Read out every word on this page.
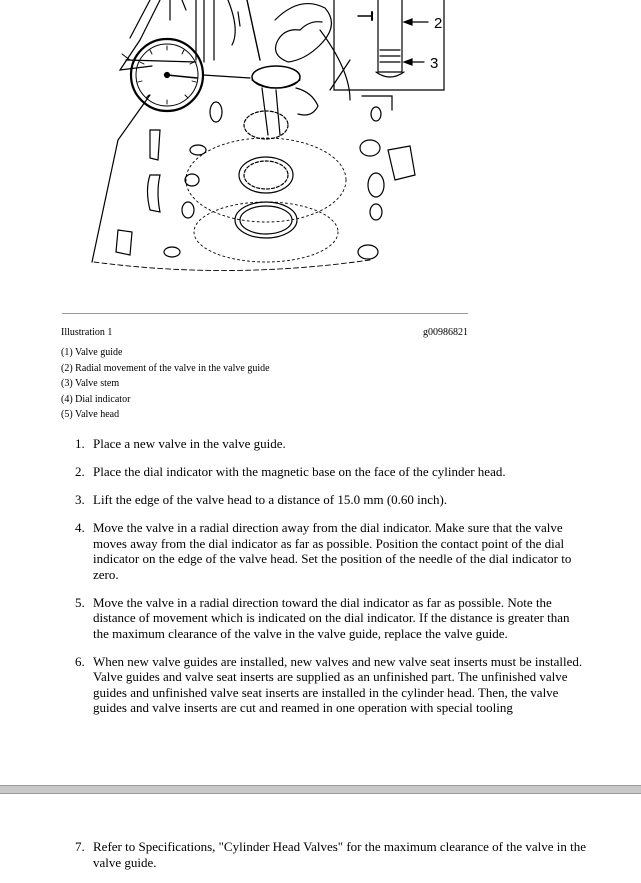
2
3
Illustration 1	g00986821
(1) Valve guide
(2) Radial movement of the valve in the valve guide
(3) Valve stem
(4) Dial indicator
(5) Valve head
1. Place a new valve in the valve guide.
2. Place the dial indicator with the magnetic base on the face of the cylinder head.
3. Lift the edge of the valve head to a distance of 15.0 mm (0.60 inch).
4. Move the valve in a radial direction away from the dial indicator. Make sure that the valve moves away from the dial indicator as far as possible. Position the contact point of the dial indicator on the edge of the valve head. Set the position of the needle of the dial indicator to zero.
5. Move the valve in a radial direction toward the dial indicator as far as possible. Note the distance of movement which is indicated on the dial indicator. If the distance is greater than the maximum clearance of the valve in the valve guide, replace the valve guide.
6. When new valve guides are installed, new valves and new valve seat inserts must be installed. Valve guides and valve seat inserts are supplied as an unfinished part. The unfinished valve guides and unfinished valve seat inserts are installed in the cylinder head. Then, the valve guides and valve inserts are cut and reamed in one operation with special tooling
7. Refer to Specifications, "Cylinder Head Valves" for the maximum clearance of the valve in the valve guide.
